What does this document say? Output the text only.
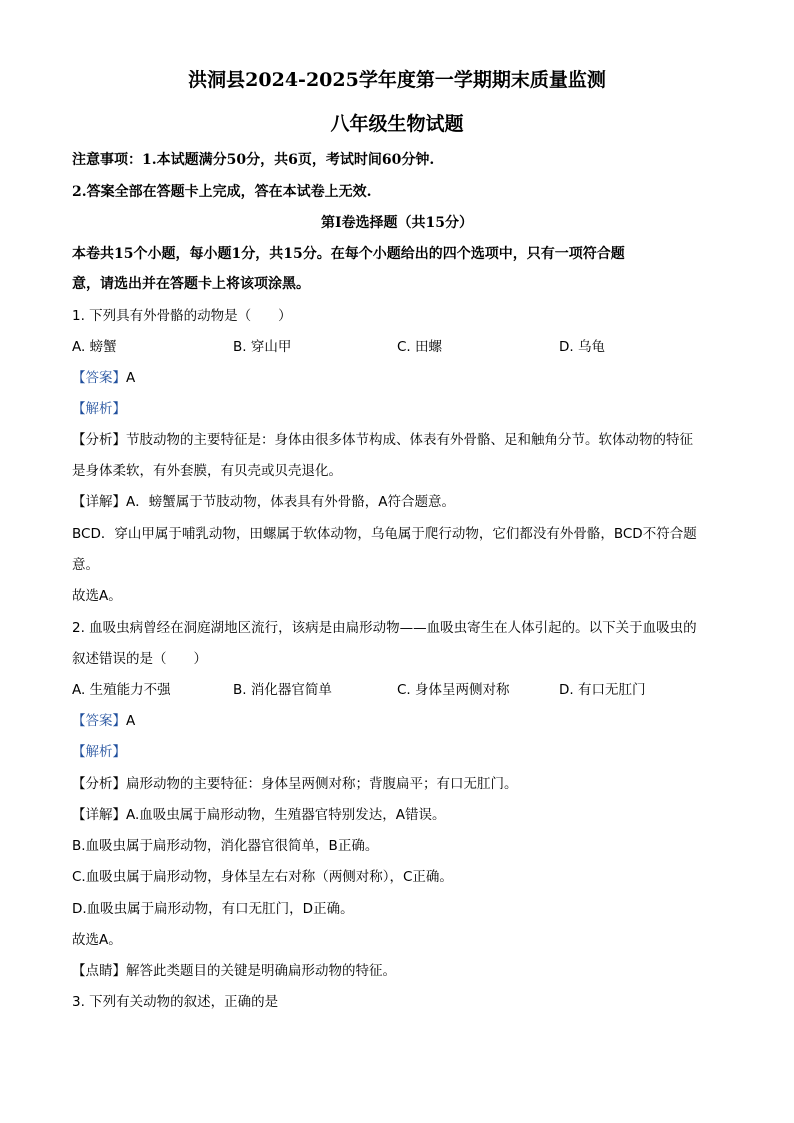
洪洞县2024-2025学年度第一学期期末质量监测
八年级生物试题
注意事项：1.本试题满分50分，共6页，考试时间60分钟.
2.答案全部在答题卡上完成，答在本试卷上无效.
第Ⅰ卷选择题（共15分）
本卷共15个小题，每小题1分，共15分。在每个小题给出的四个选项中，只有一项符合题
意，请选出并在答题卡上将该项涂黑。
1. 下列具有外骨骼的动物是（　　）
A. 螃蟹	B. 穿山甲	C. 田螺	D. 乌龟
【答案】A
【解析】
【分析】节肢动物的主要特征是：身体由很多体节构成、体表有外骨骼、足和触角分节。软体动物的特征
是身体柔软，有外套膜，有贝壳或贝壳退化。
【详解】A．螃蟹属于节肢动物，体表具有外骨骼，A符合题意。
BCD．穿山甲属于哺乳动物，田螺属于软体动物，乌龟属于爬行动物，它们都没有外骨骼，BCD不符合题
意。
故选A。
2. 血吸虫病曾经在洞庭湖地区流行，该病是由扁形动物——血吸虫寄生在人体引起的。以下关于血吸虫的
叙述错误的是（　　）
A. 生殖能力不强	B. 消化器官简单	C. 身体呈两侧对称	D. 有口无肛门
【答案】A
【解析】
【分析】扁形动物的主要特征：身体呈两侧对称；背腹扁平；有口无肛门。
【详解】A.血吸虫属于扁形动物，生殖器官特别发达，A错误。
B.血吸虫属于扁形动物，消化器官很简单，B正确。
C.血吸虫属于扁形动物，身体呈左右对称（两侧对称），C正确。
D.血吸虫属于扁形动物，有口无肛门，D正确。
故选A。
【点睛】解答此类题目的关键是明确扁形动物的特征。
3. 下列有关动物的叙述，正确的是
